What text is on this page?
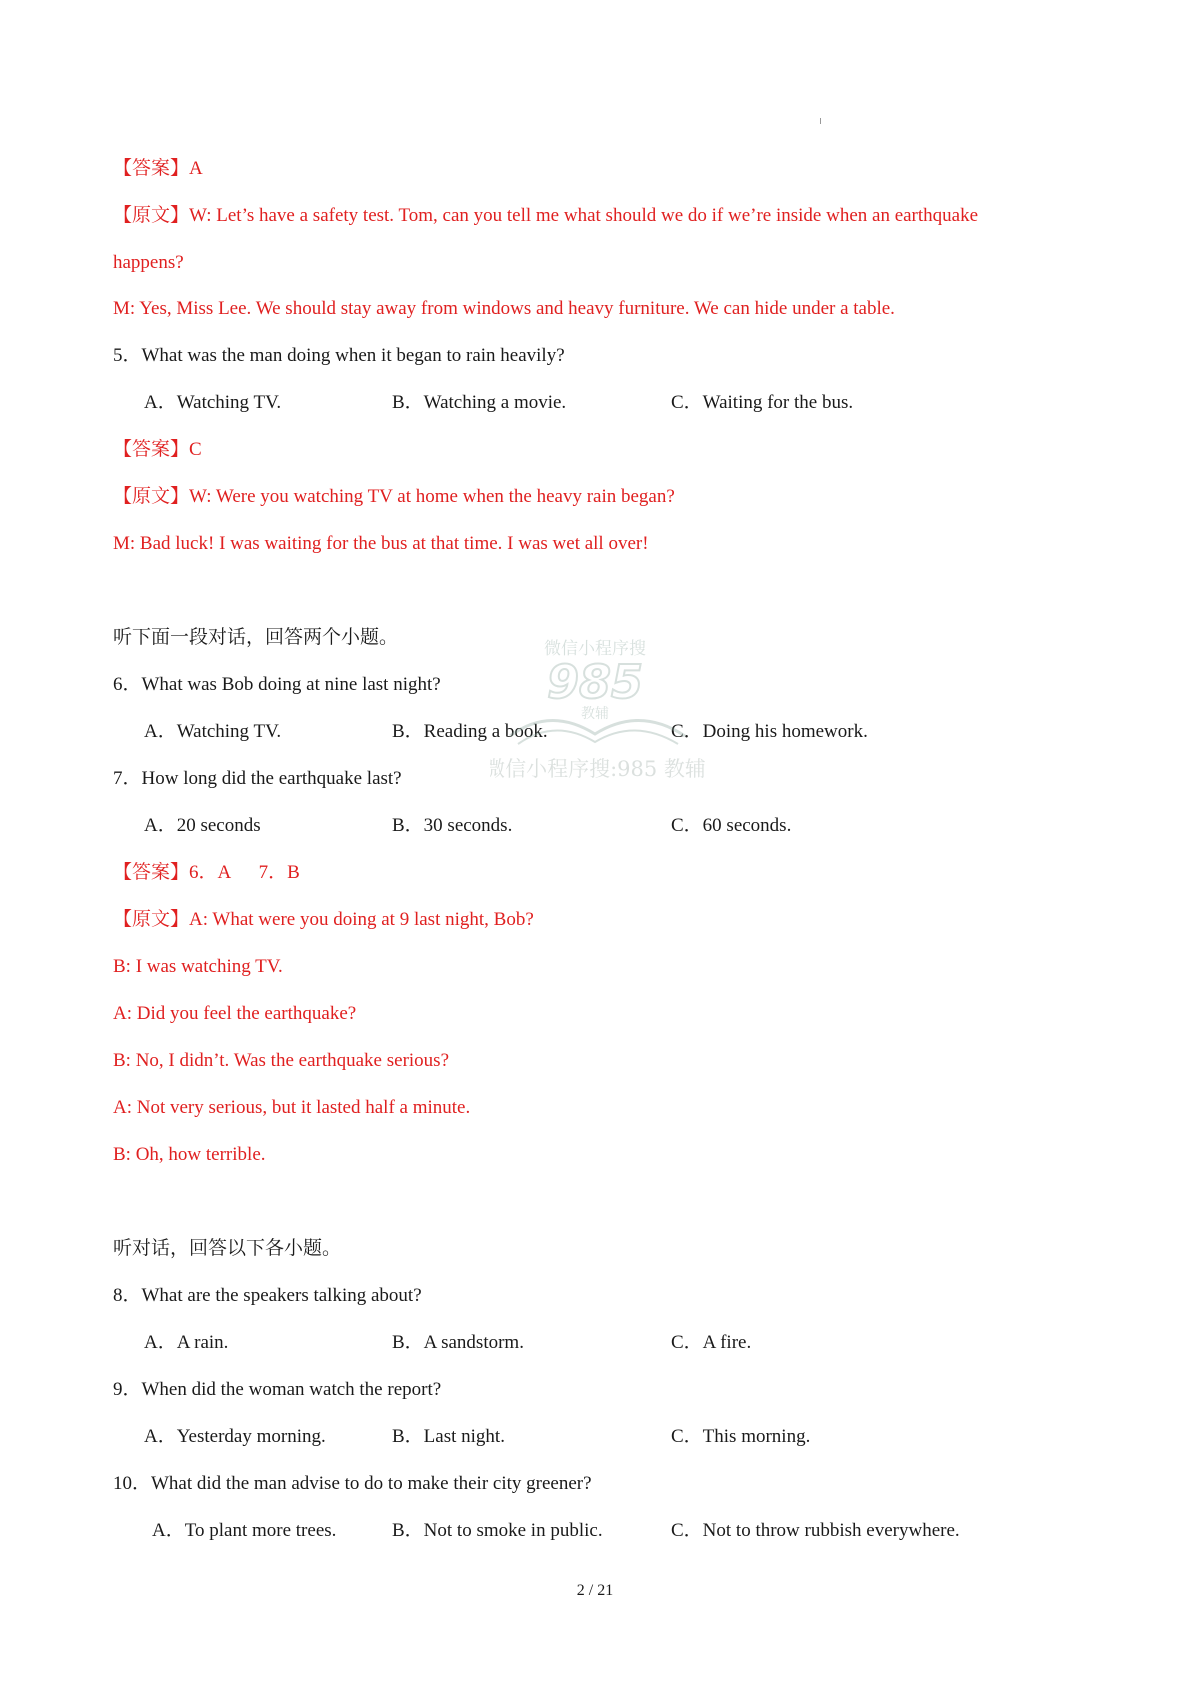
【答案】A
【原文】W: Let’s have a safety test. Tom, can you tell me what should we do if we’re inside when an earthquake
happens?
M: Yes, Miss Lee. We should stay away from windows and heavy furniture. We can hide under a table.
5．What was the man doing when it began to rain heavily?
A．Watching TV.	B．Watching a movie.	C．Waiting for the bus.
【答案】C
【原文】W: Were you watching TV at home when the heavy rain began?
M: Bad luck! I was waiting for the bus at that time. I was wet all over!
听下面一段对话，回答两个小题。
6．What was Bob doing at nine last night?
A．Watching TV.	B．Reading a book.	C．Doing his homework.
7．How long did the earthquake last?
A．20 seconds	B．30 seconds.	C．60 seconds.
【答案】6．A      7．B
【原文】A: What were you doing at 9 last night, Bob?
B: I was watching TV.
A: Did you feel the earthquake?
B: No, I didn’t. Was the earthquake serious?
A: Not very serious, but it lasted half a minute.
B: Oh, how terrible.
听对话，回答以下各小题。
8．What are the speakers talking about?
A．A rain.	B．A sandstorm.	C．A fire.
9．When did the woman watch the report?
A．Yesterday morning.	B．Last night.	C．This morning.
10．What did the man advise to do to make their city greener?
A．To plant more trees.	B．Not to smoke in public.	C．Not to throw rubbish everywhere.
微信小程序搜
985
教辅
微信小程序搜:985 教辅
2 / 21
